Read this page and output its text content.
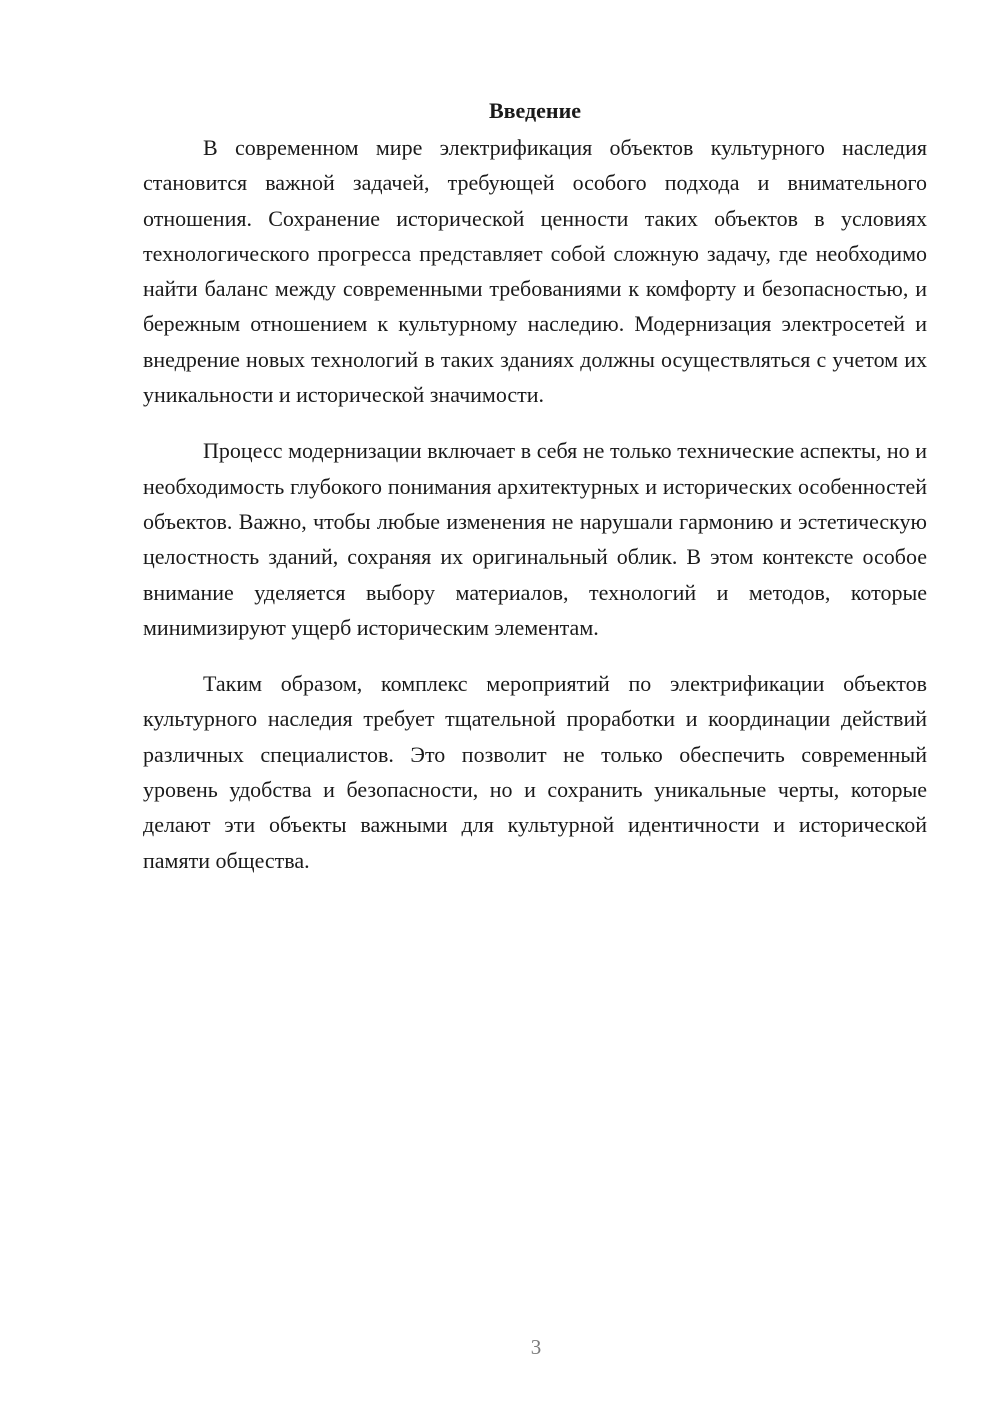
Введение

В современном мире электрификация объектов культурного наследия становится важной задачей, требующей особого подхода и внимательного отношения. Сохранение исторической ценности таких объектов в условиях технологического прогресса представляет собой сложную задачу, где необходимо найти баланс между современными требованиями к комфорту и безопасностью, и бережным отношением к культурному наследию. Модернизация электросетей и внедрение новых технологий в таких зданиях должны осуществляться с учетом их уникальности и исторической значимости.

Процесс модернизации включает в себя не только технические аспекты, но и необходимость глубокого понимания архитектурных и исторических особенностей объектов. Важно, чтобы любые изменения не нарушали гармонию и эстетическую целостность зданий, сохраняя их оригинальный облик. В этом контексте особое внимание уделяется выбору материалов, технологий и методов, которые минимизируют ущерб историческим элементам.

Таким образом, комплекс мероприятий по электрификации объектов культурного наследия требует тщательной проработки и координации действий различных специалистов. Это позволит не только обеспечить современный уровень удобства и безопасности, но и сохранить уникальные черты, которые делают эти объекты важными для культурной идентичности и исторической памяти общества.

3
